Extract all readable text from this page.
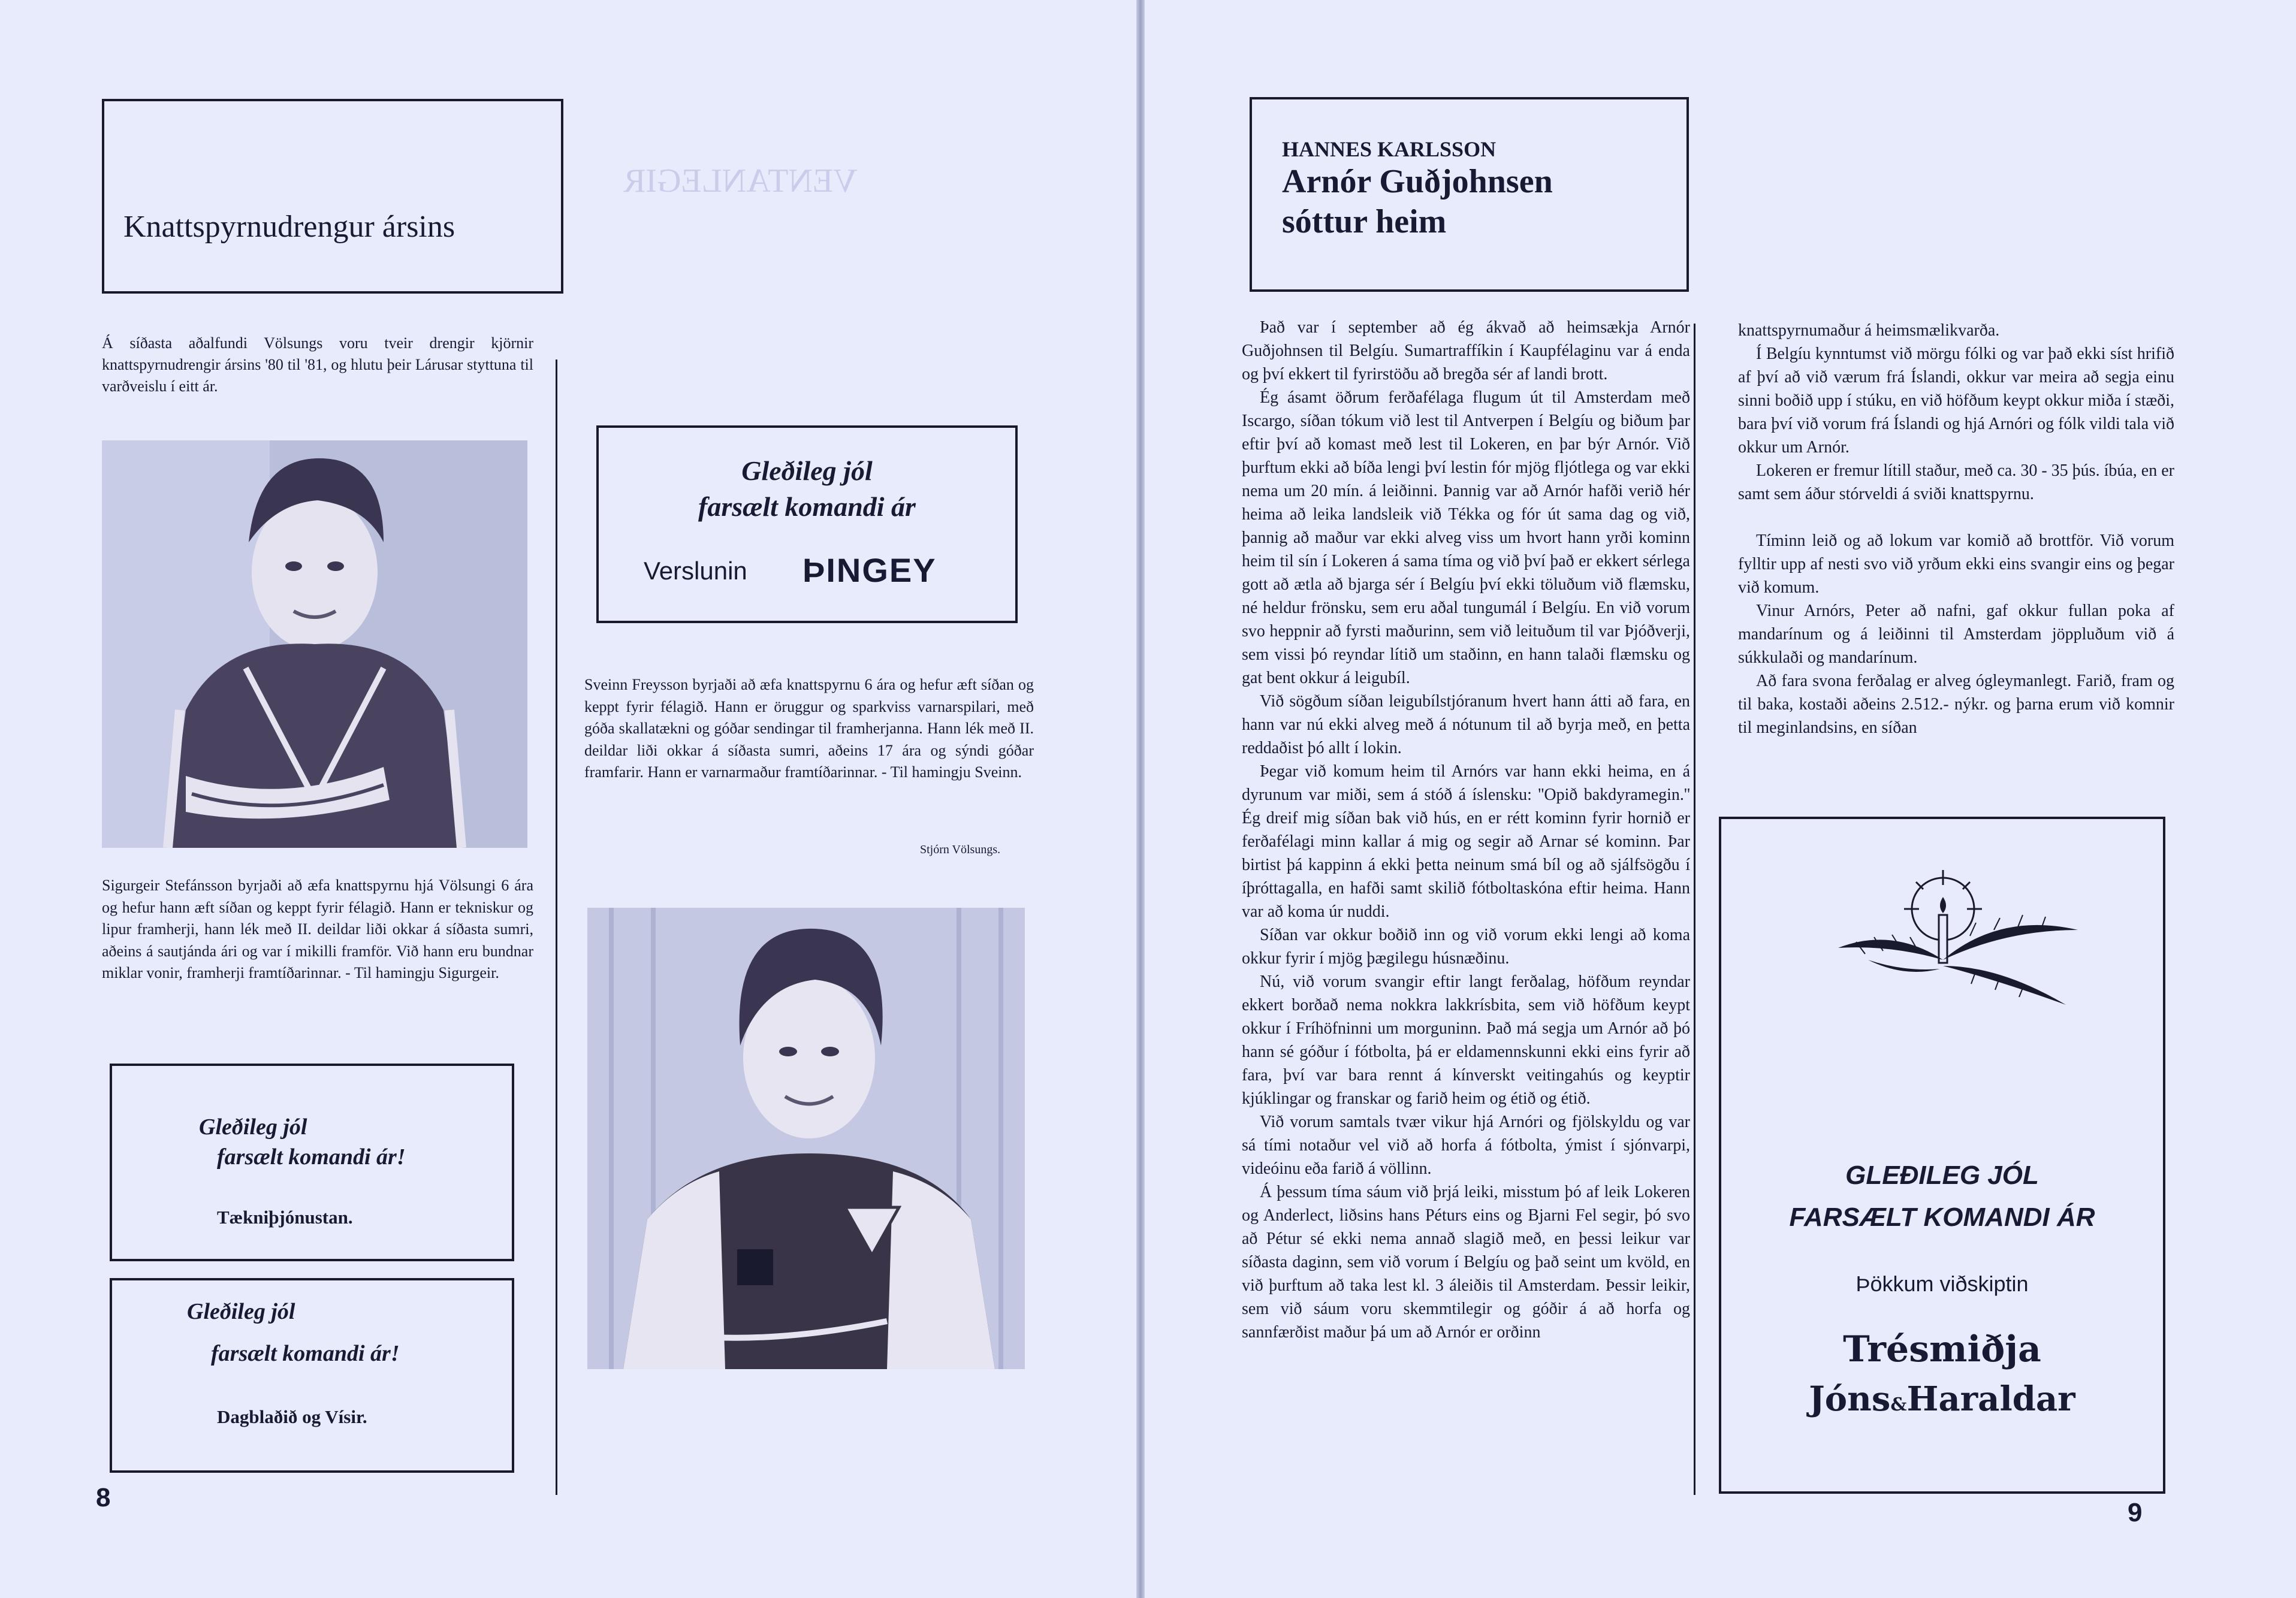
VENTANLEGIR
Knattspyrnudrengur ársins
Á síðasta aðalfundi Völsungs voru tveir drengir kjörnir knattspyrnudrengir ársins '80 til '81, og hlutu þeir Lárusar styttuna til varðveislu í eitt ár.
Sigurgeir Stefánsson byrjaði að æfa knattspyrnu hjá Völsungi 6 ára og hefur hann æft síðan og keppt fyrir félagið. Hann er tekniskur og lipur framherji, hann lék með II. deildar liði okkar á síðasta sumri, aðeins á sautjánda ári og var í mikilli framför. Við hann eru bundnar miklar vonir, framherji framtíðarinnar. - Til hamingju Sigurgeir.
Gleðileg jól
farsælt komandi ár!
Tækniþjónustan.
Gleðileg jól
farsælt komandi ár!
Dagblaðið og Vísir.
Gleðileg jól
farsælt komandi ár
Verslunin ÞINGEY
Sveinn Freysson byrjaði að æfa knattspyrnu 6 ára og hefur æft síðan og keppt fyrir félagið. Hann er öruggur og sparkviss varnarspilari, með góða skallatækni og góðar sendingar til framherjanna. Hann lék með II. deildar liði okkar á síðasta sumri, aðeins 17 ára og sýndi góðar framfarir. Hann er varnarmaður framtíðarinnar. - Til hamingju Sveinn.
Stjórn Völsungs.
8
⠀
HANNES KARLSSON
Arnór Guðjohnsen
sóttur heim

Það var í september að ég ákvað að heimsækja Arnór Guðjohnsen til Belgíu. Sumartraffíkin í Kaupfélaginu var á enda og því ekkert til fyrirstöðu að bregða sér af landi brott.

Ég ásamt öðrum ferðafélaga flugum út til Amsterdam með Iscargo, síðan tókum við lest til Antverpen í Belgíu og biðum þar eftir því að komast með lest til Lokeren, en þar býr Arnór. Við þurftum ekki að bíða lengi því lestin fór mjög fljótlega og var ekki nema um 20 mín. á leiðinni. Þannig var að Arnór hafði verið hér heima að leika landsleik við Tékka og fór út sama dag og við, þannig að maður var ekki alveg viss um hvort hann yrði kominn heim til sín í Lokeren á sama tíma og við því það er ekkert sérlega gott að ætla að bjarga sér í Belgíu því ekki töluðum við flæmsku, né heldur frönsku, sem eru aðal tungumál í Belgíu. En við vorum svo heppnir að fyrsti maðurinn, sem við leituðum til var Þjóðverji, sem vissi þó reyndar lítið um staðinn, en hann talaði flæmsku og gat bent okkur á leigubíl.

Við sögðum síðan leigubílstjóranum hvert hann átti að fara, en hann var nú ekki alveg með á nótunum til að byrja með, en þetta reddaðist þó allt í lokin.

Þegar við komum heim til Arnórs var hann ekki heima, en á dyrunum var miði, sem á stóð á íslensku: ''Opið bakdyramegin.'' Ég dreif mig síðan bak við hús, en er rétt kominn fyrir hornið er ferðafélagi minn kallar á mig og segir að Arnar sé kominn. Þar birtist þá kappinn á ekki þetta neinum smá bíl og að sjálfsögðu í íþróttagalla, en hafði samt skilið fótboltaskóna eftir heima. Hann var að koma úr nuddi.

Síðan var okkur boðið inn og við vorum ekki lengi að koma okkur fyrir í mjög þægilegu húsnæðinu.

Nú, við vorum svangir eftir langt ferðalag, höfðum reyndar ekkert borðað nema nokkra lakkrísbita, sem við höfðum keypt okkur í Fríhöfninni um morguninn. Það má segja um Arnór að þó hann sé góður í fótbolta, þá er eldamennskunni ekki eins fyrir að fara, því var bara rennt á kínverskt veitingahús og keyptir kjúklingar og franskar og farið heim og étið og étið.

Við vorum samtals tvær vikur hjá Arnóri og fjölskyldu og var sá tími notaður vel við að horfa á fótbolta, ýmist í sjónvarpi, videóinu eða farið á völlinn.

Á þessum tíma sáum við þrjá leiki, misstum þó af leik Lokeren og Anderlect, liðsins hans Péturs eins og Bjarni Fel segir, þó svo að Pétur sé ekki nema annað slagið með, en þessi leikur var síðasta daginn, sem við vorum í Belgíu og það seint um kvöld, en við þurftum að taka lest kl. 3 áleiðis til Amsterdam. Þessir leikir, sem við sáum voru skemmtilegir og góðir á að horfa og sannfærðist maður þá um að Arnór er orðinn

knattspyrnumaður á heimsmælikvarða.

Í Belgíu kynntumst við mörgu fólki og var það ekki síst hrifið af því að við værum frá Íslandi, okkur var meira að segja einu sinni boðið upp í stúku, en við höfðum keypt okkur miða í stæði, bara því við vorum frá Íslandi og hjá Arnóri og fólk vildi tala við okkur um Arnór.

Lokeren er fremur lítill staður, með ca. 30 - 35 þús. íbúa, en er samt sem áður stórveldi á sviði knattspyrnu.

Tíminn leið og að lokum var komið að brottför. Við vorum fylltir upp af nesti svo við yrðum ekki eins svangir eins og þegar við komum.

Vinur Arnórs, Peter að nafni, gaf okkur fullan poka af mandarínum og á leiðinni til Amsterdam jöppluðum við á súkkulaði og mandarínum.

Að fara svona ferðalag er alveg ógleymanlegt. Farið, fram og til baka, kostaði aðeins 2.512.- nýkr. og þarna erum við komnir til meginlandsins, en síðan

GLEÐILEG JÓL
FARSÆLT KOMANDI ÁR
Þökkum viðskiptin
Trésmiðja
Jóns&Haraldar
9
